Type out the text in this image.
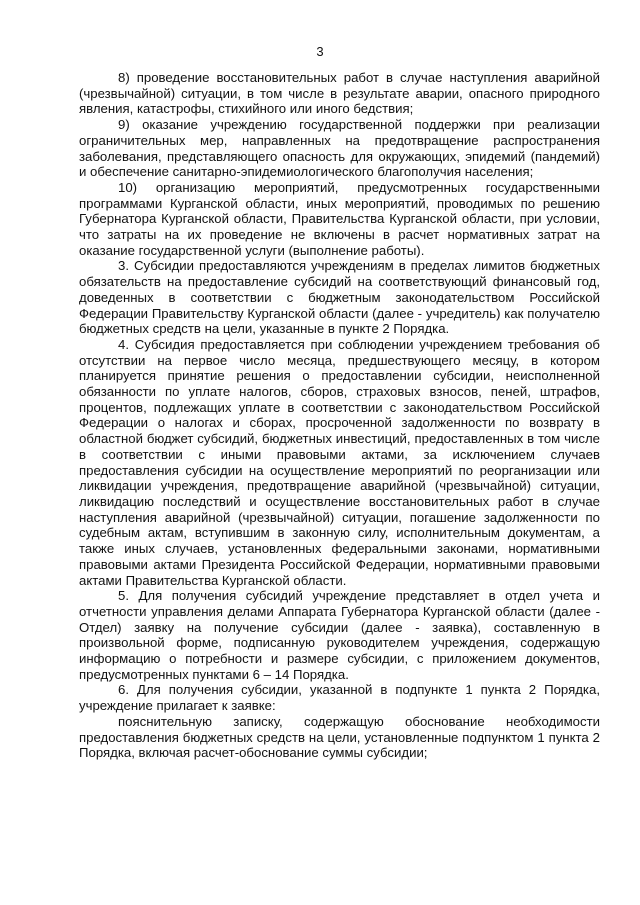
3

8) проведение восстановительных работ в случае наступления аварийной (чрезвычайной) ситуации, в том числе в результате аварии, опасного природного явления, катастрофы, стихийного или иного бедствия;

9) оказание учреждению государственной поддержки при реализации ограничительных мер, направленных на предотвращение распространения заболевания, представляющего опасность для окружающих, эпидемий (пандемий) и обеспечение санитарно-эпидемиологического благополучия населения;

10) организацию мероприятий, предусмотренных государственными программами Курганской области, иных мероприятий, проводимых по решению Губернатора Курганской области, Правительства Курганской области, при условии, что затраты на их проведение не включены в расчет нормативных затрат на оказание государственной услуги (выполнение работы).

3. Субсидии предоставляются учреждениям в пределах лимитов бюджетных обязательств на предоставление субсидий на соответствующий финансовый год, доведенных в соответствии с бюджетным законодательством Российской Федерации Правительству Курганской области (далее - учредитель) как получателю бюджетных средств на цели, указанные в пункте 2 Порядка.

4. Субсидия предоставляется при соблюдении учреждением требования об отсутствии на первое число месяца, предшествующего месяцу, в котором планируется принятие решения о предоставлении субсидии, неисполненной обязанности по уплате налогов, сборов, страховых взносов, пеней, штрафов, процентов, подлежащих уплате в соответствии с законодательством Российской Федерации о налогах и сборах, просроченной задолженности по возврату в областной бюджет субсидий, бюджетных инвестиций, предоставленных в том числе в соответствии с иными правовыми актами, за исключением случаев предоставления субсидии на осуществление мероприятий по реорганизации или ликвидации учреждения, предотвращение аварийной (чрезвычайной) ситуации, ликвидацию последствий и осуществление восстановительных работ в случае наступления аварийной (чрезвычайной) ситуации, погашение задолженности по судебным актам, вступившим в законную силу, исполнительным документам, а также иных случаев, установленных федеральными законами, нормативными правовыми актами Президента Российской Федерации, нормативными правовыми актами Правительства Курганской области.

5. Для получения субсидий учреждение представляет в отдел учета и отчетности управления делами Аппарата Губернатора Курганской области (далее - Отдел) заявку на получение субсидии (далее - заявка), составленную в произвольной форме, подписанную руководителем учреждения, содержащую информацию о потребности и размере субсидии, с приложением документов, предусмотренных пунктами 6 – 14 Порядка.

6. Для получения субсидии, указанной в подпункте 1 пункта 2 Порядка, учреждение прилагает к заявке:

пояснительную записку, содержащую обоснование необходимости предоставления бюджетных средств на цели, установленные подпунктом 1 пункта 2 Порядка, включая расчет-обоснование суммы субсидии;
